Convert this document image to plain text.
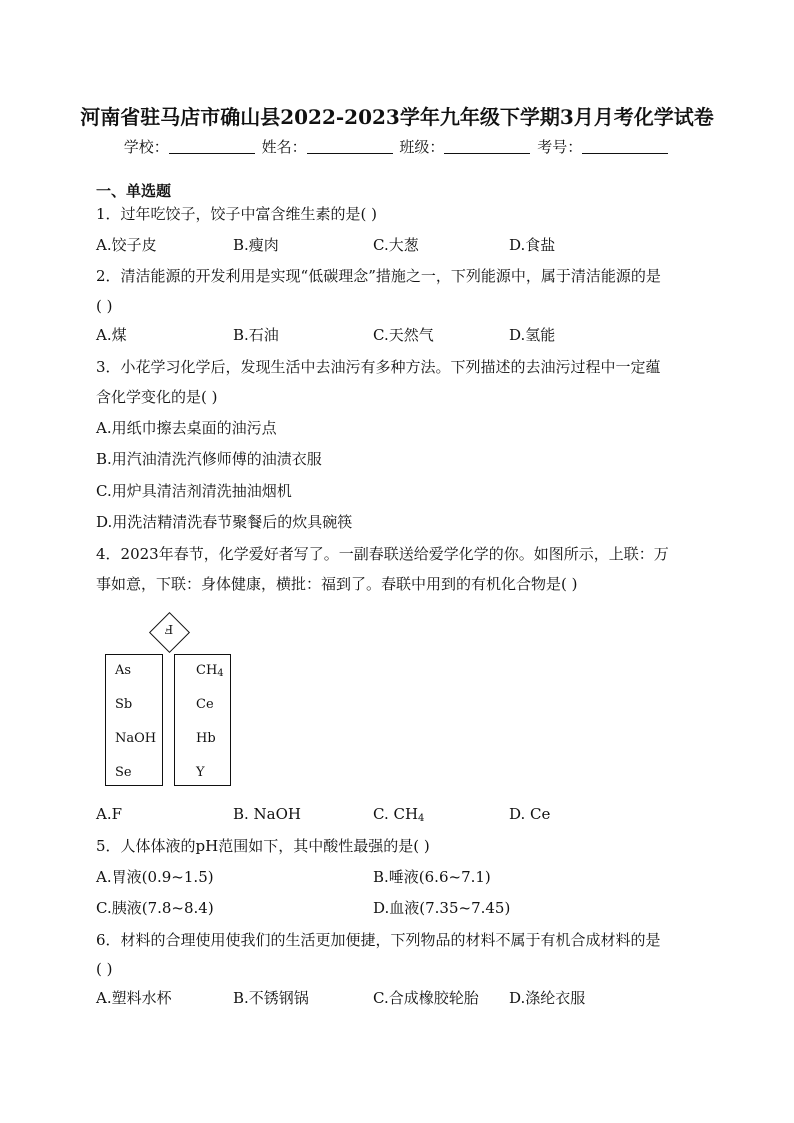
河南省驻马店市确山县2022-2023学年九年级下学期3月月考化学试卷
学校：	姓名：	班级：	考号：
一、单选题
1．过年吃饺子，饺子中富含维生素的是( )
A.饺子皮	B.瘦肉	C.大葱	D.食盐
2．清洁能源的开发利用是实现“低碳理念”措施之一，下列能源中，属于清洁能源的是
( )
A.煤	B.石油	C.天然气	D.氢能
3．小花学习化学后，发现生活中去油污有多种方法。下列描述的去油污过程中一定蕴
含化学变化的是( )
A.用纸巾擦去桌面的油污点
B.用汽油清洗汽修师傅的油渍衣服
C.用炉具清洁剂清洗抽油烟机
D.用洗洁精清洗春节聚餐后的炊具碗筷
4．2023年春节，化学爱好者写了。一副春联送给爱学化学的你。如图所示，上联：万
事如意，下联：身体健康，横批：福到了。春联中用到的有机化合物是( )
F
As
Sb
NaOH
Se
$CH_4$
Ce
Hb
Y
A.F	B. NaOH	C. $CH_4$	D. Ce
5．人体体液的pH范围如下，其中酸性最强的是( )
A.胃液(0.9~1.5)	B.唾液(6.6~7.1)
C.胰液(7.8~8.4)	D.血液(7.35~7.45)
6．材料的合理使用使我们的生活更加便捷，下列物品的材料不属于有机合成材料的是
( )
A.塑料水杯	B.不锈钢锅	C.合成橡胶轮胎 D.涤纶衣服
